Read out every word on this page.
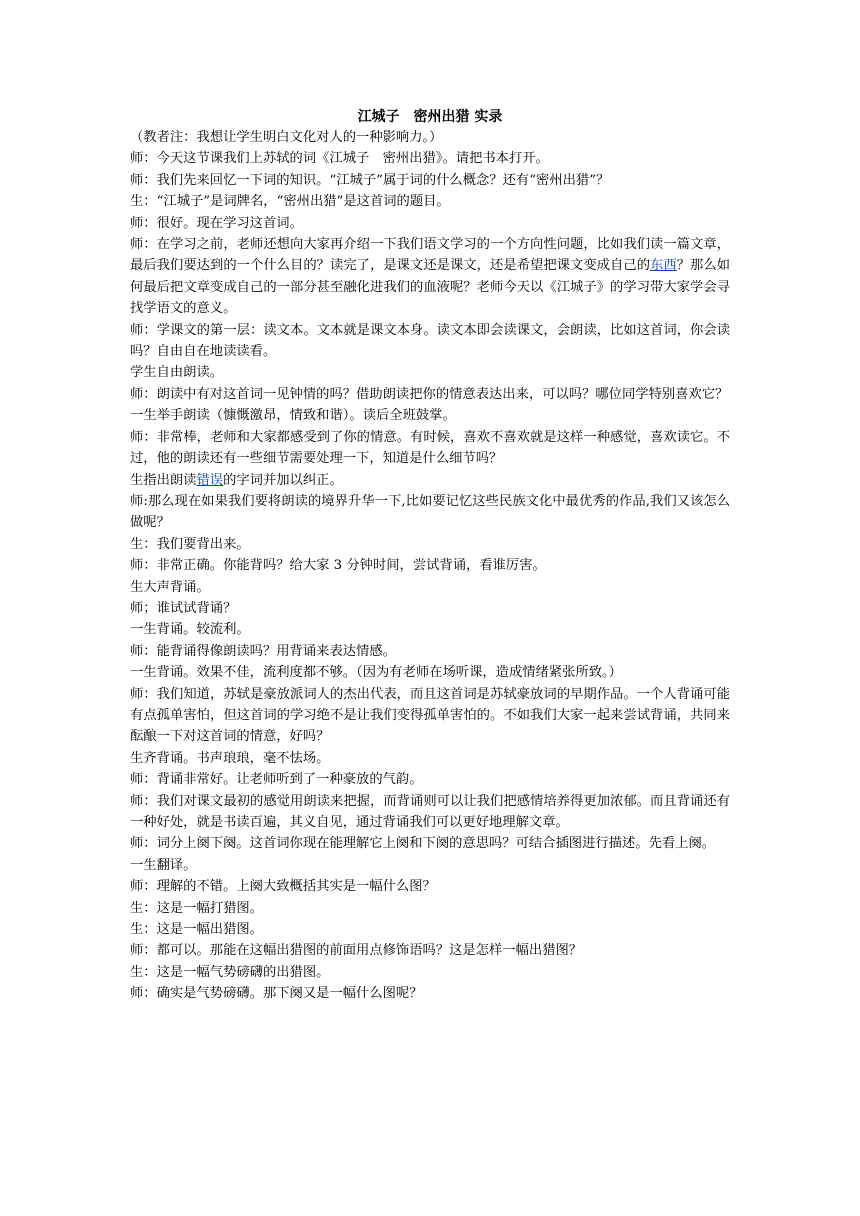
江城子　密州出猎 实录

（教者注：我想让学生明白文化对人的一种影响力。）

师：今天这节课我们上苏轼的词《江城子　密州出猎》。请把书本打开。

师：我们先来回忆一下词的知识。“江城子”属于词的什么概念？还有“密州出猎”？

生：“江城子”是词牌名，“密州出猎”是这首词的题目。

师：很好。现在学习这首词。

师：在学习之前，老师还想向大家再介绍一下我们语文学习的一个方向性问题，比如我们读一篇文章，最后我们要达到的一个什么目的？读完了，是课文还是课文，还是希望把课文变成自己的东西？那么如何最后把文章变成自己的一部分甚至融化进我们的血液呢？老师今天以《江城子》的学习带大家学会寻找学语文的意义。

师：学课文的第一层：读文本。文本就是课文本身。读文本即会读课文，会朗读，比如这首词，你会读吗？自由自在地读读看。

学生自由朗读。

师：朗读中有对这首词一见钟情的吗？借助朗读把你的情意表达出来，可以吗？哪位同学特别喜欢它？

一生举手朗读（慷慨激昂，情致和谐）。读后全班鼓掌。

师：非常棒，老师和大家都感受到了你的情意。有时候，喜欢不喜欢就是这样一种感觉，喜欢读它。不过，他的朗读还有一些细节需要处理一下，知道是什么细节吗？

生指出朗读错误的字词并加以纠正。

师:那么现在如果我们要将朗读的境界升华一下,比如要记忆这些民族文化中最优秀的作品,我们又该怎么做呢？

生：我们要背出来。

师：非常正确。你能背吗？给大家 3 分钟时间，尝试背诵，看谁厉害。

生大声背诵。

师；谁试试背诵？

一生背诵。较流利。

师：能背诵得像朗读吗？用背诵来表达情感。

一生背诵。效果不佳，流利度都不够。（因为有老师在场听课，造成情绪紧张所致。）

师：我们知道，苏轼是豪放派词人的杰出代表，而且这首词是苏轼豪放词的早期作品。一个人背诵可能有点孤单害怕，但这首词的学习绝不是让我们变得孤单害怕的。不如我们大家一起来尝试背诵，共同来酝酿一下对这首词的情意，好吗？

生齐背诵。书声琅琅，毫不怯场。

师：背诵非常好。让老师听到了一种豪放的气韵。

师：我们对课文最初的感觉用朗读来把握，而背诵则可以让我们把感情培养得更加浓郁。而且背诵还有一种好处，就是书读百遍，其义自见，通过背诵我们可以更好地理解文章。

师：词分上阕下阕。这首词你现在能理解它上阕和下阕的意思吗？可结合插图进行描述。先看上阕。

一生翻译。

师：理解的不错。上阕大致概括其实是一幅什么图？

生：这是一幅打猎图。

生：这是一幅出猎图。

师：都可以。那能在这幅出猎图的前面用点修饰语吗？这是怎样一幅出猎图？

生：这是一幅气势磅礴的出猎图。

师：确实是气势磅礴。那下阕又是一幅什么图呢？
